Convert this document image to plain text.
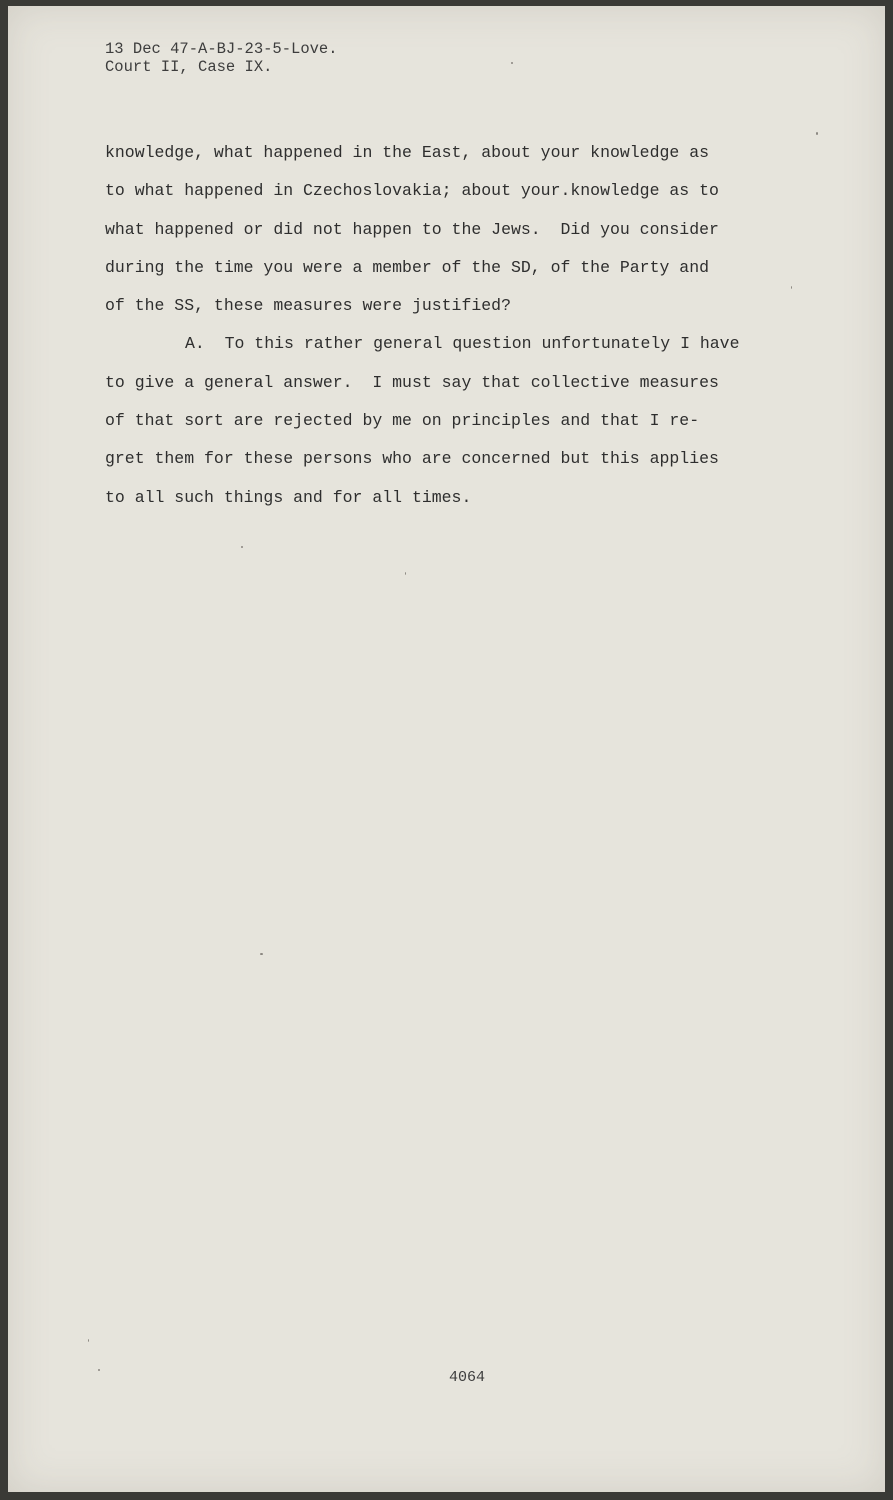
13 Dec 47-A-BJ-23-5-Love.
Court II, Case IX.
knowledge, what happened in the East, about your knowledge as
to what happened in Czechoslovakia; about your.knowledge as to
what happened or did not happen to the Jews.  Did you consider
during the time you were a member of the SD, of the Party and
of the SS, these measures were justified?
A.  To this rather general question unfortunately I have
to give a general answer.  I must say that collective measures
of that sort are rejected by me on principles and that I re-
gret them for these persons who are concerned but this applies
to all such things and for all times.
4064
